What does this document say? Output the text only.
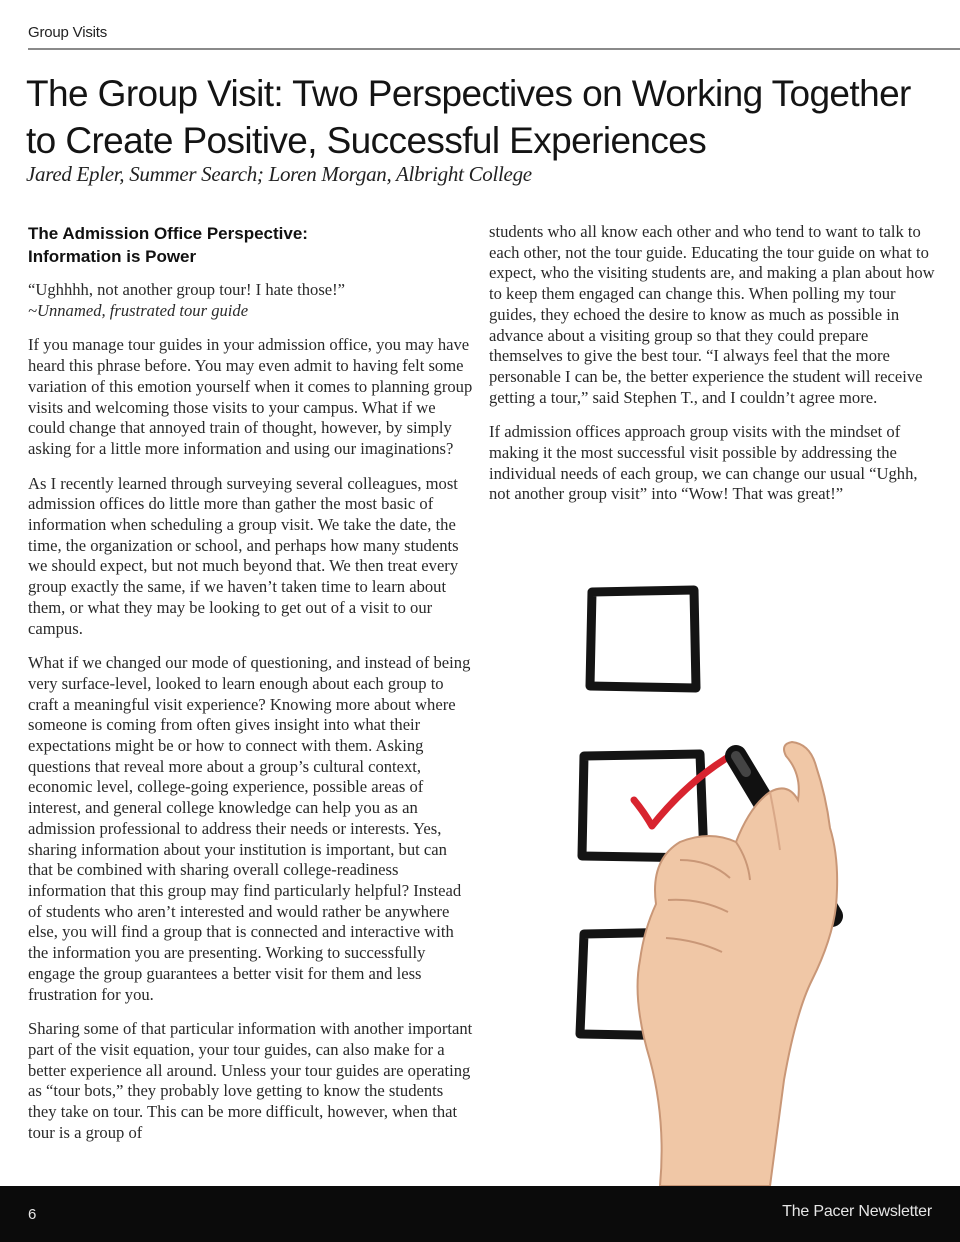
Group Visits
The Group Visit: Two Perspectives on Working Together to Create Positive, Successful Experiences
Jared Epler, Summer Search; Loren Morgan, Albright College
The Admission Office Perspective:
Information is Power
“Ughhhh, not another group tour! I hate those!”
~Unnamed, frustrated tour guide

If you manage tour guides in your admission office, you may have heard this phrase before. You may even admit to having felt some variation of this emotion yourself when it comes to planning group visits and welcoming those visits to your campus. What if we could change that annoyed train of thought, however, by simply asking for a little more information and using our imaginations?

As I recently learned through surveying several colleagues, most admission offices do little more than gather the most basic of information when scheduling a group visit. We take the date, the time, the organization or school, and perhaps how many students we should expect, but not much beyond that. We then treat every group exactly the same, if we haven’t taken time to learn about them, or what they may be looking to get out of a visit to our campus.

What if we changed our mode of questioning, and instead of being very surface-level, looked to learn enough about each group to craft a meaningful visit experience? Knowing more about where someone is coming from often gives insight into what their expectations might be or how to connect with them. Asking questions that reveal more about a group’s cultural context, economic level, college-going experience, possible areas of interest, and general college knowledge can help you as an admission professional to address their needs or interests. Yes, sharing information about your institution is important, but can that be combined with sharing overall college-readiness information that this group may find particularly helpful? Instead of students who aren’t interested and would rather be anywhere else, you will find a group that is connected and interactive with the information you are presenting. Working to successfully engage the group guarantees a better visit for them and less frustration for you.

Sharing some of that particular information with another important part of the visit equation, your tour guides, can also make for a better experience all around. Unless your tour guides are operating as “tour bots,” they probably love getting to know the students they take on tour. This can be more difficult, however, when that tour is a group of

students who all know each other and who tend to want to talk to each other, not the tour guide. Educating the tour guide on what to expect, who the visiting students are, and making a plan about how to keep them engaged can change this. When polling my tour guides, they echoed the desire to know as much as possible in advance about a visiting group so that they could prepare themselves to give the best tour. “I always feel that the more personable I can be, the better experience the student will receive getting a tour,” said Stephen T., and I couldn’t agree more.

If admission offices approach group visits with the mindset of making it the most successful visit possible by addressing the individual needs of each group, we can change our usual “Ughh, not another group visit” into “Wow! That was great!”

6	The Pacer Newsletter
